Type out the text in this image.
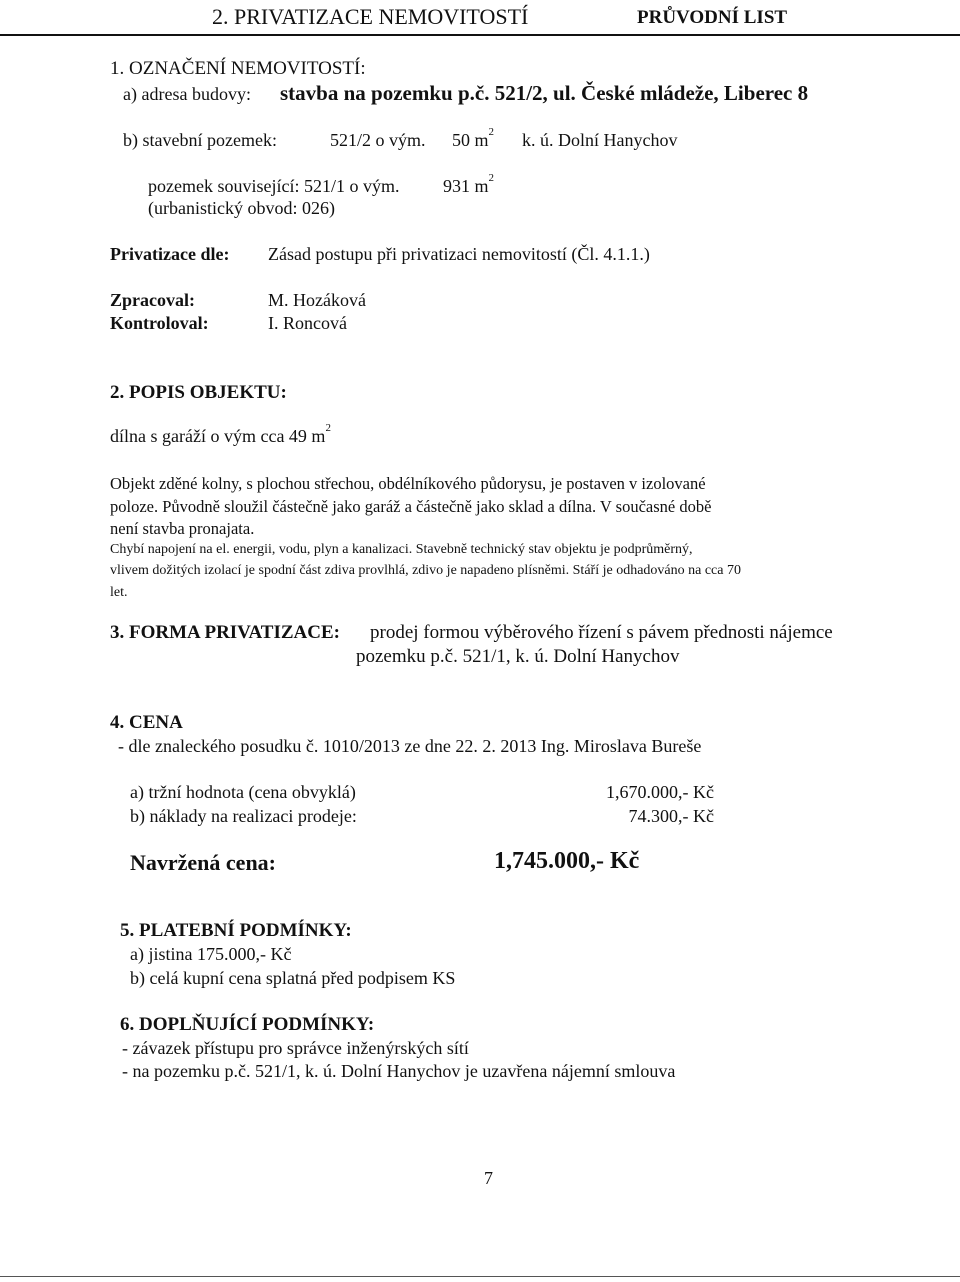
2. PRIVATIZACE NEMOVITOSTÍ	PRŮVODNÍ LIST
1. OZNAČENÍ NEMOVITOSTÍ:
a) adresa budovy: stavba na pozemku p.č. 521/2, ul. České mládeže, Liberec 8
b) stavební pozemek:	521/2 o vým. 50 $m^2$ k. ú. Dolní Hanychov
pozemek související: 521/1 o vým. 931 $m^2$
(urbanistický obvod: 026)
Privatizace dle: Zásad postupu při privatizaci nemovitostí (Čl. 4.1.1.)
Zpracoval:	M. Hozáková
Kontroloval:	I. Roncová
2. POPIS OBJEKTU:
dílna s garáží o vým cca 49 $m^2$
Objekt zděné kolny, s plochou střechou, obdélníkového půdorysu, je postaven v izolované
poloze. Původně sloužil částečně jako garáž a částečně jako sklad a dílna. V současné době
není stavba pronajata.
Chybí napojení na el. energii, vodu, plyn a kanalizaci. Stavebně technický stav objektu je podprůměrný,
vlivem dožitých izolací je spodní část zdiva provlhlá, zdivo je napadeno plísněmi. Stáří je odhadováno na cca 70
let.
3. FORMA PRIVATIZACE: prodej formou výběrového řízení s pávem přednosti nájemce
pozemku p.č. 521/1, k. ú. Dolní Hanychov
4. CENA
- dle znaleckého posudku č. 1010/2013 ze dne 22. 2. 2013 Ing. Miroslava Bureše
a) tržní hodnota (cena obvyklá)	1,670.000,- Kč
b) náklady na realizaci prodeje:	74.300,- Kč
Navržená cena:	1,745.000,- Kč
5. PLATEBNÍ PODMÍNKY:
a) jistina 175.000,- Kč
b) celá kupní cena splatná před podpisem KS
6. DOPLŇUJÍCÍ PODMÍNKY:
- závazek přístupu pro správce inženýrských sítí
- na pozemku p.č. 521/1, k. ú. Dolní Hanychov je uzavřena nájemní smlouva
7
